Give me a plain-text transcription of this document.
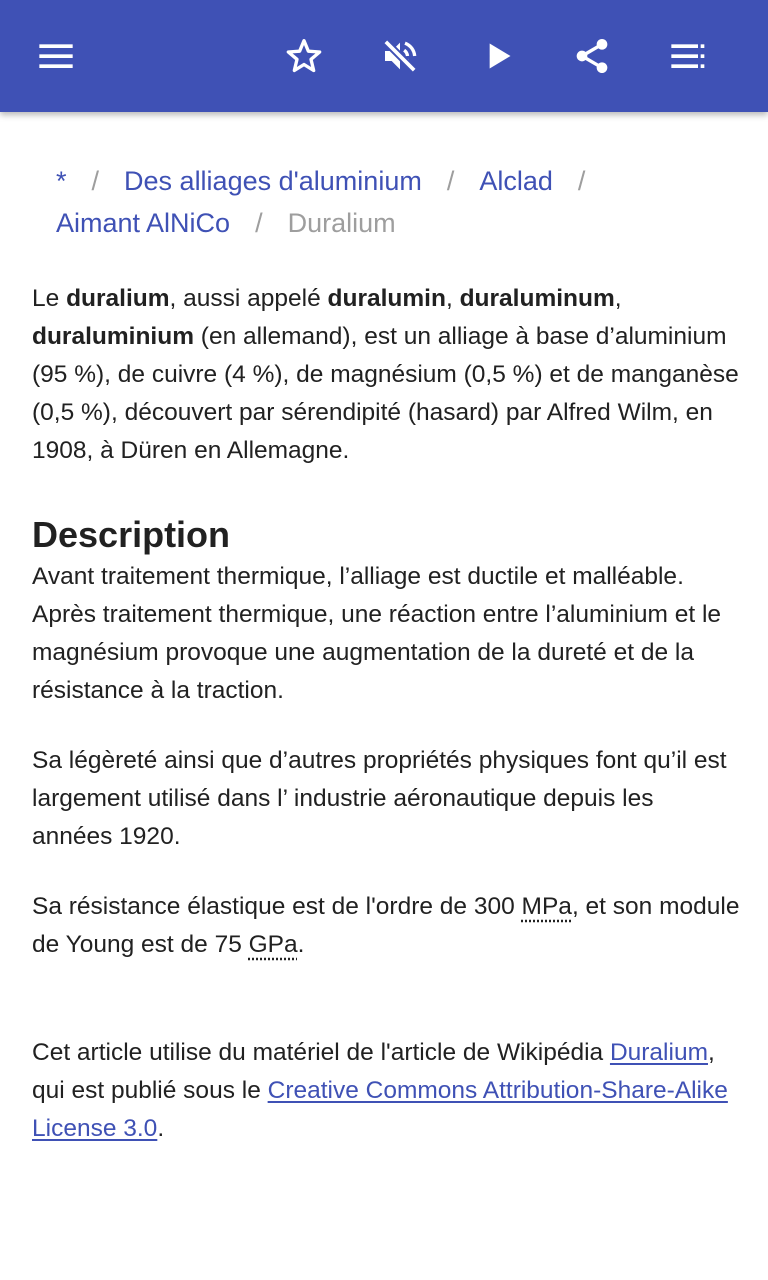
* / Des alliages d'aluminium / Alclad /
Aimant AlNiCo / Duralium

Le duralium, aussi appelé duralumin, duraluminum,
duraluminium (en allemand), est un alliage à base d’aluminium (95 %), de cuivre (4 %), de magnésium (0,5 %) et de manganèse (0,5 %), découvert par sérendipité (hasard) par Alfred Wilm, en 1908, à Düren en Allemagne.

Description

Avant traitement thermique, l’alliage est ductile et malléable. Après traitement thermique, une réaction entre l’aluminium et le magnésium provoque une augmentation de la dureté et de la résistance à la traction.

Sa légèreté ainsi que d’autres propriétés physiques font qu’il est largement utilisé dans l’ industrie aéronautique depuis les années 1920.

Sa résistance élastique est de l'ordre de 300 MPa, et son module de Young est de 75 GPa.

Cet article utilise du matériel de l'article de Wikipédia Duralium, qui est publié sous le Creative Commons Attribution-Share-Alike License 3.0.
